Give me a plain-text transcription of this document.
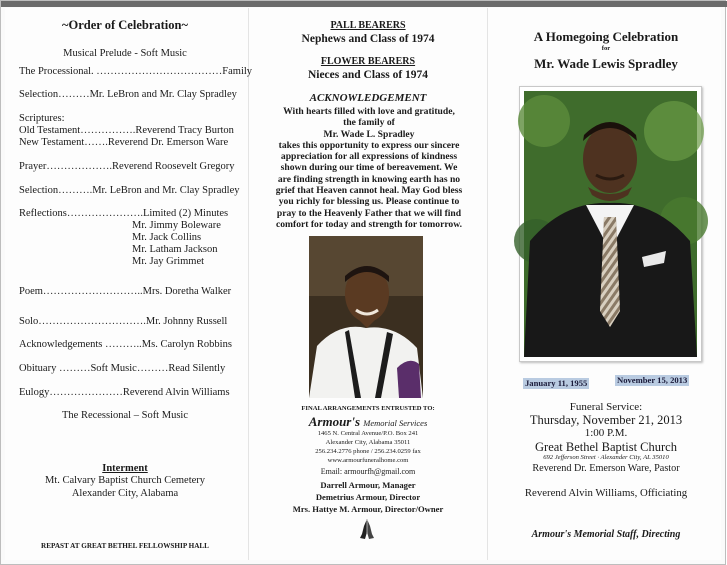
~Order of Celebration~
Musical Prelude - Soft Music
The Processional. ………………………………Family
Selection………Mr. LeBron and Mr. Clay Spradley
Scriptures:
Old Testament…………….Reverend Tracy Burton
New Testament…….Reverend Dr. Emerson Ware
Prayer……………….Reverend Roosevelt Gregory
Selection……….Mr. LeBron and Mr. Clay Spradley
Reflections………………….Limited (2) Minutes
Mr. Jimmy Boleware
Mr. Jack Collins
Mr. Latham Jackson
Mr. Jay Grimmet
Poem………………………..Mrs. Doretha Walker
Solo………………………….Mr. Johnny Russell
Acknowledgements ………..Ms. Carolyn Robbins
Obituary ………Soft Music………Read Silently
Eulogy…………………Reverend Alvin Williams
The Recessional – Soft Music
Interment
Mt. Calvary Baptist Church Cemetery
Alexander City, Alabama
REPAST AT GREAT BETHEL FELLOWSHIP HALL
PALL BEARERS
Nephews and Class of 1974
FLOWER BEARERS
Nieces and Class of 1974
ACKNOWLEDGEMENT
With hearts filled with love and gratitude,
the family of
Mr. Wade L. Spradley
takes this opportunity to express our sincere
appreciation for all expressions of kindness
shown during our time of bereavement. We
are finding strength in knowing earth has no
grief that Heaven cannot heal. May God bless
you richly for blessing us. Please continue to
pray to the Heavenly Father that we will find
comfort for today and strength for tomorrow.
FINAL ARRANGEMENTS ENTRUSTED TO:
Armour's Memorial Services
1465 N. Central Avenue/P.O. Box 241
Alexander City, Alabama 35011
256.234.2776 phone / 256.234.0259 fax
www.armourfuneralhome.com
Email: armourfh@gmail.com
Darrell Armour, Manager
Demetrius Armour, Director
Mrs. Hattye M. Armour, Director/Owner
A Homegoing Celebration
for
Mr. Wade Lewis Spradley
January 11, 1955	November 15, 2013
Funeral Service:
Thursday, November 21, 2013
1:00 P.M.
Great Bethel Baptist Church
692 Jefferson Street · Alexander City, AL 35010
Reverend Dr. Emerson Ware, Pastor
Reverend Alvin Williams, Officiating
Armour's Memorial Staff, Directing
